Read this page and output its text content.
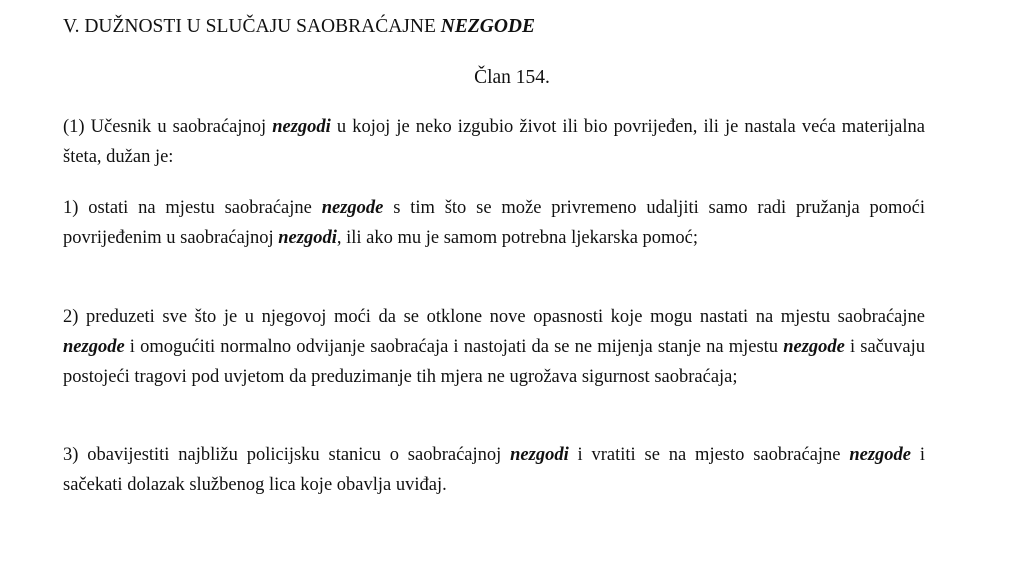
V. DUŽNOSTI U SLUČAJU SAOBRAĆAJNE NEZGODE
Član 154.
(1) Učesnik u saobraćajnoj nezgodi u kojoj je neko izgubio život ili bio povrijeđen, ili je nastala veća materijalna šteta, dužan je:
1) ostati na mjestu saobraćajne nezgode s tim što se može privremeno udaljiti samo radi pružanja pomoći povrijeđenim u saobraćajnoj nezgodi, ili ako mu je samom potrebna ljekarska pomoć;
2) preduzeti sve što je u njegovoj moći da se otklone nove opasnosti koje mogu nastati na mjestu saobraćajne nezgode i omogućiti normalno odvijanje saobraćaja i nastojati da se ne mijenja stanje na mjestu nezgode i sačuvaju postojeći tragovi pod uvjetom da preduzimanje tih mjera ne ugrožava sigurnost saobraćaja;
3) obavijestiti najbližu policijsku stanicu o saobraćajnoj nezgodi i vratiti se na mjesto saobraćajne nezgode i sačekati dolazak službenog lica koje obavlja uviđaj.
